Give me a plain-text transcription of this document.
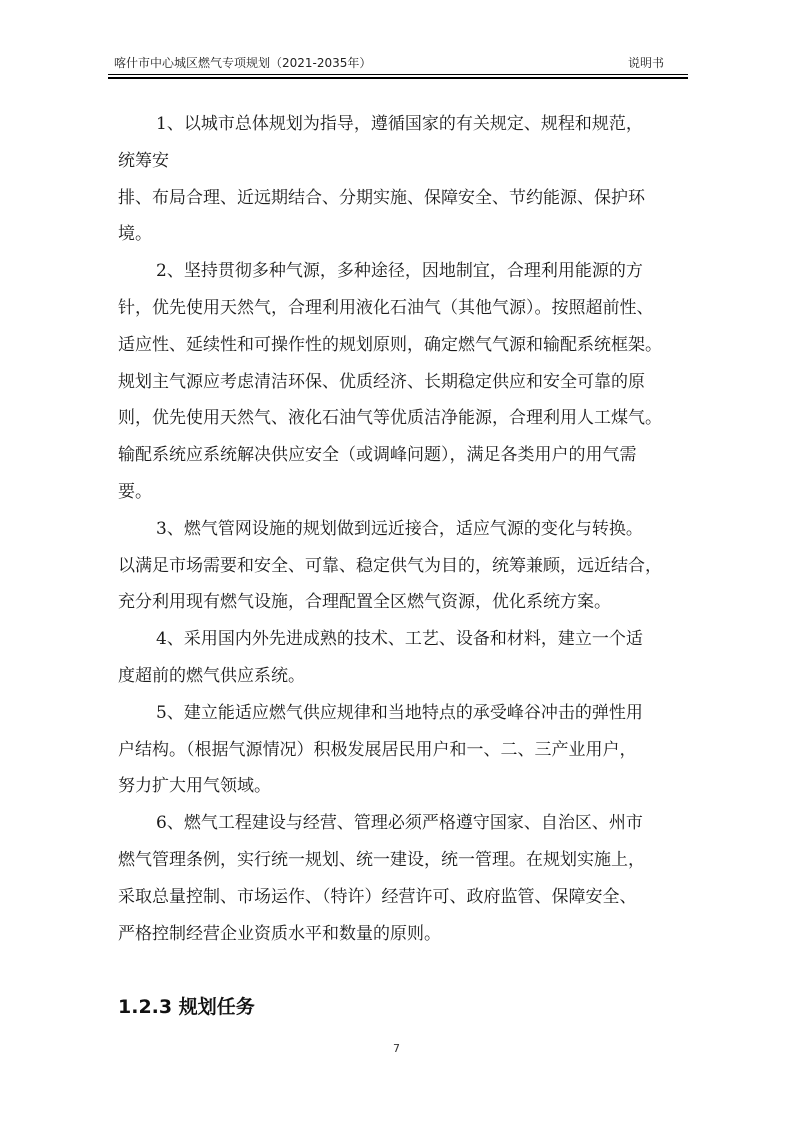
喀什市中心城区燃气专项规划（2021-2035年）	说明书

1、以城市总体规划为指导，遵循国家的有关规定、规程和规范，
统筹安
排、布局合理、近远期结合、分期实施、保障安全、节约能源、保护环
境。

2、坚持贯彻多种气源，多种途径，因地制宜，合理利用能源的方
针，优先使用天然气，合理利用液化石油气（其他气源）。按照超前性、
适应性、延续性和可操作性的规划原则，确定燃气气源和输配系统框架。
规划主气源应考虑清洁环保、优质经济、长期稳定供应和安全可靠的原
则，优先使用天然气、液化石油气等优质洁净能源，合理利用人工煤气。
输配系统应系统解决供应安全（或调峰问题），满足各类用户的用气需
要。

3、燃气管网设施的规划做到远近接合，适应气源的变化与转换。
以满足市场需要和安全、可靠、稳定供气为目的，统筹兼顾，远近结合，
充分利用现有燃气设施，合理配置全区燃气资源，优化系统方案。

4、采用国内外先进成熟的技术、工艺、设备和材料，建立一个适
度超前的燃气供应系统。

5、建立能适应燃气供应规律和当地特点的承受峰谷冲击的弹性用
户结构。（根据气源情况）积极发展居民用户和一、二、三产业用户，
努力扩大用气领域。

6、燃气工程建设与经营、管理必须严格遵守国家、自治区、州市
燃气管理条例，实行统一规划、统一建设，统一管理。在规划实施上，
采取总量控制、市场运作、（特许）经营许可、政府监管、保障安全、
严格控制经营企业资质水平和数量的原则。

1.2.3 规划任务
7
